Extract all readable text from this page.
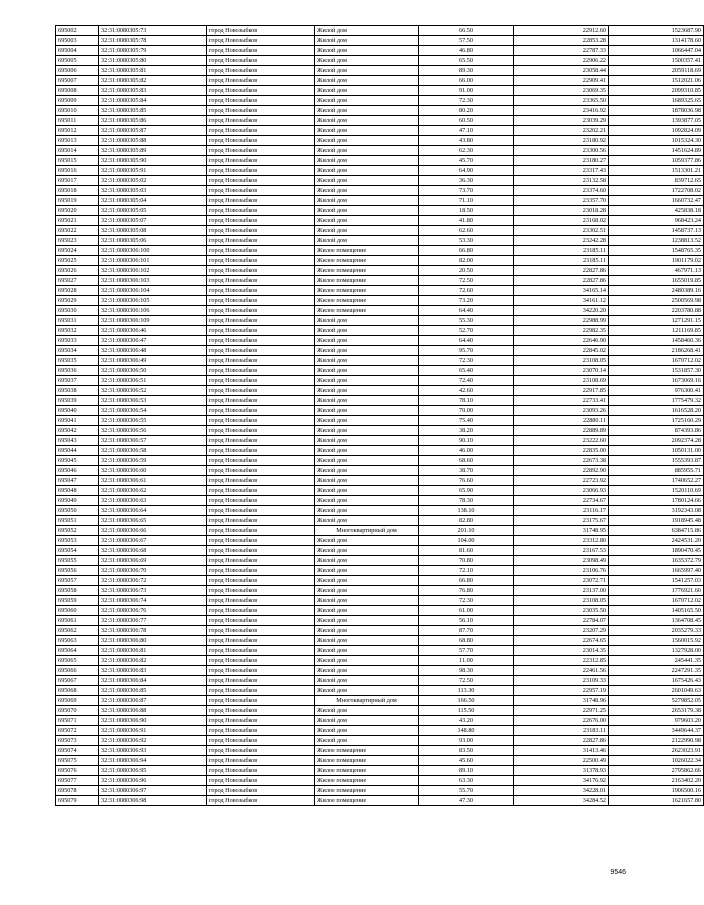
695002	32:31:0080305:73	город Новозыбков	Жилой дом	66.50	22912.60	1523687.90
695003	32:31:0080305:78	город Новозыбков	Жилой дом	57.50	22853.28	1314178.60
695004	32:31:0080305:79	город Новозыбков	Жилой дом	46.80	22787.33	1066447.04
695005	32:31:0080305:80	город Новозыбков	Жилой дом	65.50	22906.22	1500357.41
695006	32:31:0080305:81	город Новозыбков	Жилой дом	89.30	23058.44	2059118.69
695007	32:31:0080305:82	город Новозыбков	Жилой дом	66.00	22909.41	1512021.06
695008	32:31:0080305:83	город Новозыбков	Жилой дом	91.00	23069.35	2099310.85
695009	32:31:0080305:84	город Новозыбков	Жилой дом	72.30	23365.50	1689325.65
695010	32:31:0080305:85	город Новозыбков	Жилой дом	80.20	23416.92	1878036.98
695011	32:31:0080305:86	город Новозыбков	Жилой дом	60.50	23039.29	1393877.05
695012	32:31:0080305:87	город Новозыбков	Жилой дом	47.10	23202.21	1092824.09
695013	32:31:0080305:88	город Новозыбков	Жилой дом	43.80	23180.92	1015324.30
695014	32:31:0080305:89	город Новозыбков	Жилой дом	62.30	23300.56	1451624.89
695015	32:31:0080305:90	город Новозыбков	Жилой дом	45.70	23180.27	1059377.86
695016	32:31:0080305:91	город Новозыбков	Жилой дом	64.90	23317.43	1513301.21
695017	32:31:0080305:02	город Новозыбков	Жилой дом	36.30	23132.58	839712.65
695018	32:31:0080305:03	город Новозыбков	Жилой дом	73.70	23374.60	1722708.02
695019	32:31:0080305:04	город Новозыбков	Жилой дом	71.10	23357.70	1660732.47
695020	32:31:0080305:05	город Новозыбков	Жилой дом	18.50	23018.28	425838.18
695021	32:31:0080305:07	город Новозыбков	Жилой дом	41.80	23168.02	968423.24
695022	32:31:0080305:08	город Новозыбков	Жилой дом	62.60	23302.51	1458737.13
695023	32:31:0080305:06	город Новозыбков	Жилой дом	53.30	23242.28	1238813.52
695024	32:31:0080306:100	город Новозыбков	Жилое помещение	66.80	23185.11	1548765.35
695025	32:31:0080306:101	город Новозыбков	Жилое помещение	82.00	23185.11	1901179.02
695026	32:31:0080306:102	город Новозыбков	Жилое помещение	20.50	22827.86	467971.13
695027	32:31:0080306:103	город Новозыбков	Жилое помещение	72.50	22827.86	1655019.85
695028	32:31:0080306:104	город Новозыбков	Жилое помещение	72.60	34165.14	2480389.16
695029	32:31:0080306:105	город Новозыбков	Жилое помещение	73.20	34161.12	2500569.98
695030	32:31:0080306:106	город Новозыбков	Жилое помещение	64.40	34220.20	2203780.88
695031	32:31:0080306:109	город Новозыбков	Жилой дом	55.30	22988.99	1271291.15
695032	32:31:0080306:46	город Новозыбков	Жилой дом	52.70	22982.35	1211169.85
695033	32:31:0080306:47	город Новозыбков	Жилой дом	64.40	22646.90	1458460.36
695034	32:31:0080306:48	город Новозыбков	Жилой дом	95.70	22845.02	2186268.41
695035	32:31:0080306:49	город Новозыбков	Жилой дом	72.30	23108.05	1670712.02
695036	32:31:0080306:50	город Новозыбков	Жилой дом	65.40	23070.14	1531857.30
695037	32:31:0080306:51	город Новозыбков	Жилой дом	72.40	23108.69	1673069.16
695038	32:31:0080306:52	город Новозыбков	Жилой дом	42.60	22917.85	976300.41
695039	32:31:0080306:53	город Новозыбков	Жилой дом	78.10	22733.41	1775479.32
695040	32:31:0080306:54	город Новозыбков	Жилой дом	70.00	23093.26	1616528.20
695041	32:31:0080306:55	город Новозыбков	Жилой дом	75.40	22880.11	1725160.29
695042	32:31:0080306:56	город Новозыбков	Жилой дом	38.20	22889.89	874393.86
695043	32:31:0080306:57	город Новозыбков	Жилой дом	90.10	23222.60	2092374.28
695044	32:31:0080306:58	город Новозыбков	Жилой дом	46.00	22835.00	1050131.00
695045	32:31:0080306:59	город Новозыбков	Жилой дом	68.60	22673.38	1555393.87
695046	32:31:0080306:60	город Новозыбков	Жилой дом	38.70	22892.90	885955.71
695047	32:31:0080306:61	город Новозыбков	Жилой дом	76.60	22723.92	1740652.27
695048	32:31:0080306:62	город Новозыбков	Жилой дом	65.90	23066.93	1520110.69
695049	32:31:0080306:63	город Новозыбков	Жилой дом	78.30	22734.67	1780124.66
695050	32:31:0080306:64	город Новозыбков	Жилой дом	138.10	23116.17	3192343.08
695051	32:31:0080306:65	город Новозыбков	Жилой дом	82.80	23175.67	1918945.48
695052	32:31:0080306:66	город Новозыбков	Многоквартирный дом	201.10	31748.95	6384715.86
695053	32:31:0080306:67	город Новозыбков	Жилой дом	104.00	23312.80	2424531.20
695054	32:31:0080306:68	город Новозыбков	Жилой дом	81.60	23167.53	1890470.45
695055	32:31:0080306:69	город Новозыбков	Жилой дом	70.80	23098.49	1635372.79
695056	32:31:0080306:70	город Новозыбков	Жилой дом	72.10	23106.76	1665997.40
695057	32:31:0080306:72	город Новозыбков	Жилой дом	66.80	23072.71	1541257.03
695058	32:31:0080306:73	город Новозыбков	Жилой дом	76.80	23137.00	1776921.60
695059	32:31:0080306:74	город Новозыбков	Жилой дом	72.30	23108.05	1670712.02
695060	32:31:0080306:76	город Новозыбков	Жилой дом	61.00	23035.50	1405165.50
695061	32:31:0080306:77	город Новозыбков	Жилой дом	56.10	22784.07	1364708.45
695062	32:31:0080306:78	город Новозыбков	Жилой дом	87.70	23207.29	2035279.33
695063	32:31:0080306:80	город Новозыбков	Жилой дом	68.80	22674.65	1560015.92
695064	32:31:0080306:81	город Новозыбков	Жилой дом	57.70	23014.35	1327928.00
695065	32:31:0080306:82	город Новозыбков	Жилой дом	11.00	22312.85	245441.35
695066	32:31:0080306:83	город Новозыбков	Жилой дом	98.30	22461.56	2247291.35
695067	32:31:0080306:84	город Новозыбков	Жилой дом	72.50	23109.33	1675426.43
695068	32:31:0080306:85	город Новозыбков	Жилой дом	113.30	22957.19	2601049.63
695069	32:31:0080306:87	город Новозыбков	Многоквартирный дом	166.50	31748.96	5279852.05
695070	32:31:0080306:88	город Новозыбков	Жилой дом	115.50	22971.25	2653179.38
695071	32:31:0080306:90	город Новозыбков	Жилой дом	43.20	22676.00	979603.20
695072	32:31:0080306:91	город Новозыбков	Жилой дом	148.80	23183.11	3449644.37
695073	32:31:0080306:92	город Новозыбков	Жилой дом	93.00	22827.86	2122990.98
695074	32:31:0080306:93	город Новозыбков	Жилое помещение	83.50	31413.46	2623023.91
695075	32:31:0080306:94	город Новозыбков	Жилое помещение	45.60	22500.49	1026022.34
695076	32:31:0080306:95	город Новозыбков	Жилое помещение	89.10	31378.93	2795862.66
695077	32:31:0080306:96	город Новозыбков	Жилое помещение	63.30	34176.92	2163402.20
695078	32:31:0080306:97	город Новозыбков	Жилое помещение	55.70	34228.01	1906500.16
695079	32:31:0080306:98	город Новозыбков	Жилое помещение	47.30	34284.52	1621657.80
9546
